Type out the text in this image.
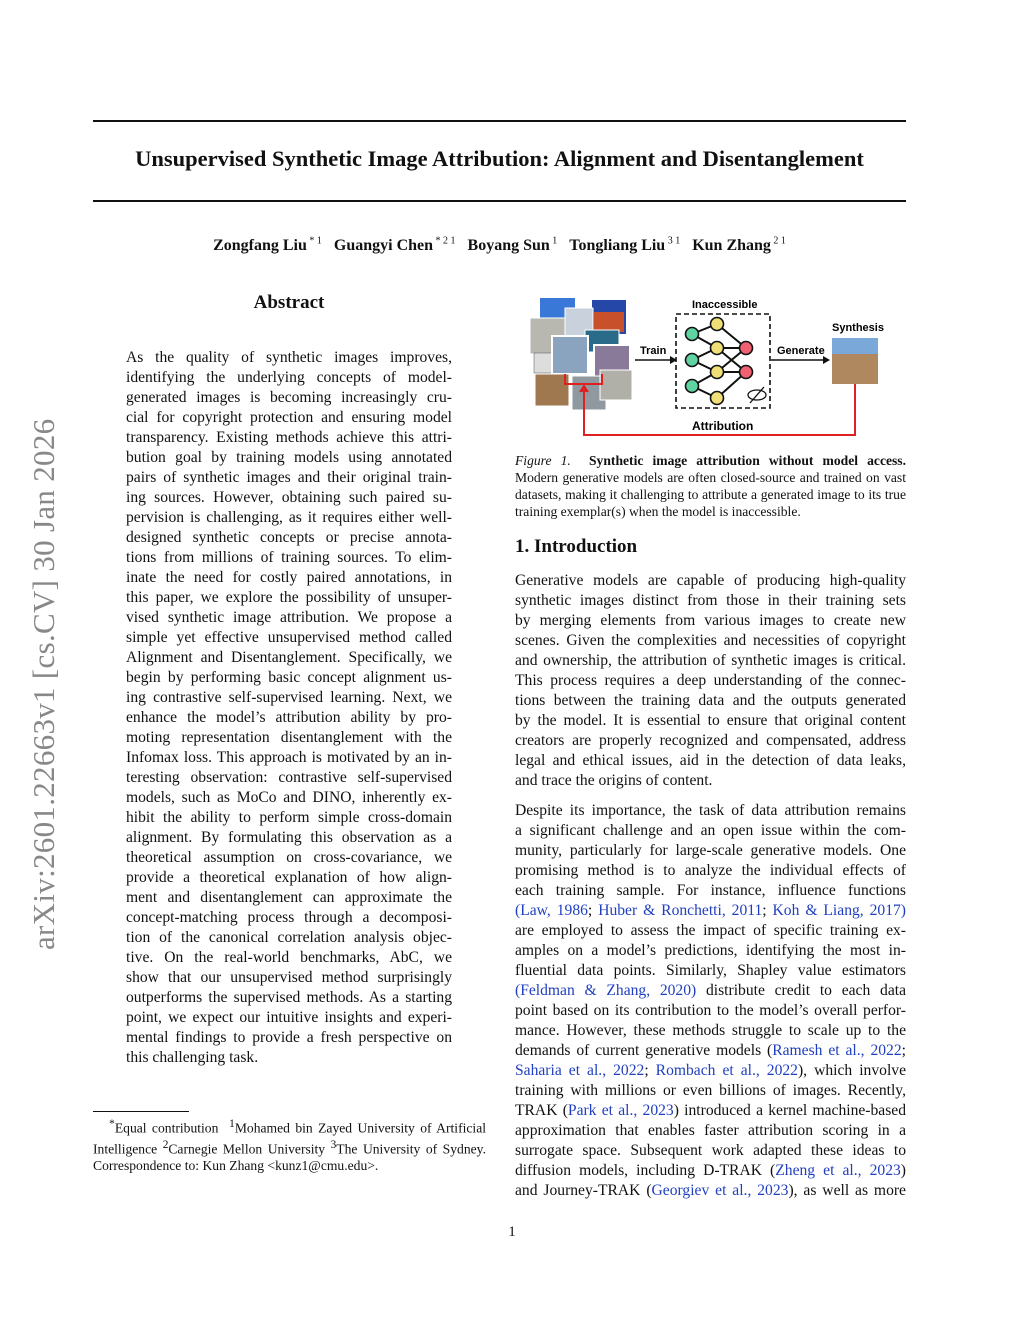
arXiv:2601.22663v1 [cs.CV] 30 Jan 2026
Unsupervised Synthetic Image Attribution: Alignment and Disentanglement
Zongfang Liu $^{* 1}$ Guangyi Chen $^{* 2 1}$ Boyang Sun $^1$ Tongliang Liu $^{3 1}$ Kun Zhang $^{2 1}$
Abstract
As the quality of synthetic images improves,
identifying the underlying concepts of model-
generated images is becoming increasingly cru-
cial for copyright protection and ensuring model
transparency. Existing methods achieve this attri-
bution goal by training models using annotated
pairs of synthetic images and their original train-
ing sources. However, obtaining such paired su-
pervision is challenging, as it requires either well-
designed synthetic concepts or precise annota-
tions from millions of training sources. To elim-
inate the need for costly paired annotations, in
this paper, we explore the possibility of unsuper-
vised synthetic image attribution. We propose a
simple yet effective unsupervised method called
Alignment and Disentanglement. Specifically, we
begin by performing basic concept alignment us-
ing contrastive self-supervised learning. Next, we
enhance the model’s attribution ability by pro-
moting representation disentanglement with the
Infomax loss. This approach is motivated by an in-
teresting observation: contrastive self-supervised
models, such as MoCo and DINO, inherently ex-
hibit the ability to perform simple cross-domain
alignment. By formulating this observation as a
theoretical assumption on cross-covariance, we
provide a theoretical explanation of how align-
ment and disentanglement can approximate the
concept-matching process through a decomposi-
tion of the canonical correlation analysis objec-
tive. On the real-world benchmarks, AbC, we
show that our unsupervised method surprisingly
outperforms the supervised methods. As a starting
point, we expect our intuitive insights and experi-
mental findings to provide a fresh perspective on
this challenging task.
Train
Inaccessible
Generate
Synthesis
Attribution
Figure 1. Synthetic image attribution without model access. Modern generative models are often closed-source and trained on vast datasets, making it challenging to attribute a generated image to its true training exemplar(s) when the model is inaccessible.
1. Introduction
Generative models are capable of producing high-quality
synthetic images distinct from those in their training sets
by merging elements from various images to create new
scenes. Given the complexities and necessities of copyright
and ownership, the attribution of synthetic images is critical.
This process requires a deep understanding of the connec-
tions between the training data and the outputs generated
by the model. It is essential to ensure that original content
creators are properly recognized and compensated, address
legal and ethical issues, aid in the detection of data leaks,
and trace the origins of content.
Despite its importance, the task of data attribution remains
a significant challenge and an open issue within the com-
munity, particularly for large-scale generative models. One
promising method is to analyze the individual effects of
each training sample. For instance, influence functions
(Law, 1986; Huber & Ronchetti, 2011; Koh & Liang, 2017)
are employed to assess the impact of specific training ex-
amples on a model’s predictions, identifying the most in-
fluential data points. Similarly, Shapley value estimators
(Feldman & Zhang, 2020) distribute credit to each data
point based on its contribution to the model’s overall perfor-
mance. However, these methods struggle to scale up to the
demands of current generative models (Ramesh et al., 2022;
Saharia et al., 2022; Rombach et al., 2022), which involve
training with millions or even billions of images. Recently,
TRAK (Park et al., 2023) introduced a kernel machine-based
approximation that enables faster attribution scoring in a
surrogate space. Subsequent work adapted these ideas to
diffusion models, including D-TRAK (Zheng et al., 2023)
and Journey-TRAK (Georgiev et al., 2023), as well as more
*Equal contribution $^1$Mohamed bin Zayed University of Artificial Intelligence $^2$Carnegie Mellon University $^3$The University of Sydney. Correspondence to: Kun Zhang <kunz1@cmu.edu>.
1
